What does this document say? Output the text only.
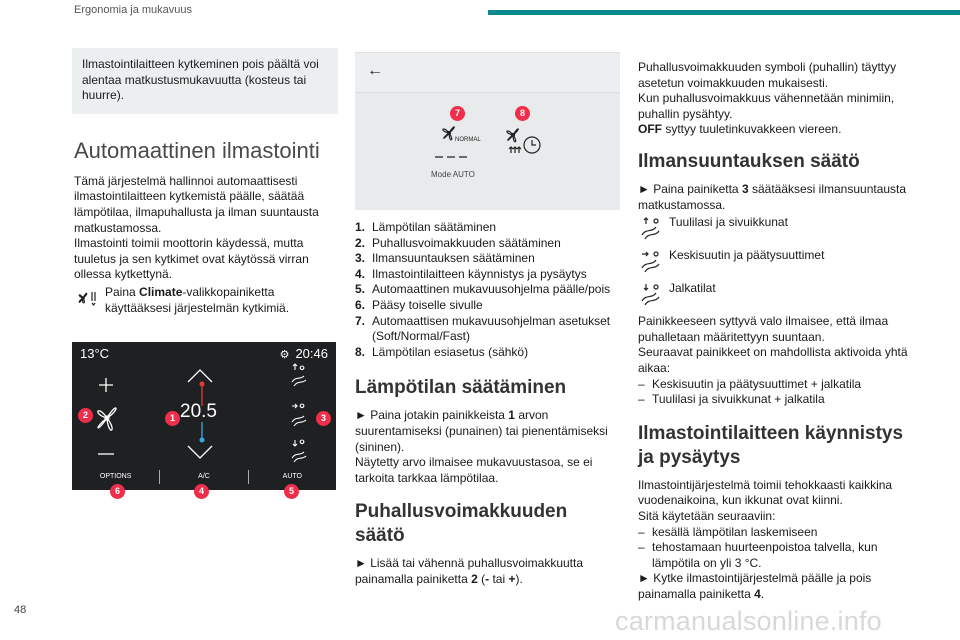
Ergonomia ja mukavuus
Ilmastointilaitteen kytkeminen pois päältä voi alentaa matkustusmukavuutta (kosteus tai huurre).
Automaattinen ilmastointi

Tämä järjestelmä hallinnoi automaattisesti ilmastointilaitteen kytkemistä päälle, säätää lämpötilaa, ilmapuhallusta ja ilman suuntausta matkustamossa.

Ilmastointi toimii moottorin käydessä, mutta tuuletus ja sen kytkimet ovat käytössä virran ollessa kytkettynä.

Paina Climate-valikkopainiketta käyttääksesi järjestelmän kytkimiä.

13°C	⚙ 20:46
20.5
OPTIONS	A/C	AUTO
1
2	3
4	5
6
←
7	8
NORMAL
Mode AUTO
1. Lämpötilan säätäminen
2. Puhallusvoimakkuuden säätäminen
3. Ilmansuuntauksen säätäminen
4. Ilmastointilaitteen käynnistys ja pysäytys
5. Automaattinen mukavuusohjelma päälle/pois
6. Pääsy toiselle sivulle
7. Automaattisen mukavuusohjelman asetukset (Soft/Normal/Fast)
8. Lämpötilan esiasetus (sähkö)
Lämpötilan säätäminen

► Paina jotakin painikkeista 1 arvon suurentamiseksi (punainen) tai pienentämiseksi (sininen).

Näytetty arvo ilmaisee mukavuustasoa, se ei tarkoita tarkkaa lämpötilaa.

Puhallusvoimakkuuden säätö

► Lisää tai vähennä puhallusvoimakkuutta painamalla painiketta 2 (- tai +).

Puhallusvoimakkuuden symboli (puhallin) täyttyy asetetun voimakkuuden mukaisesti.

Kun puhallusvoimakkuus vähennetään minimiin, puhallin pysähtyy.

OFF syttyy tuuletinkuvakkeen viereen.

Ilmansuuntauksen säätö

► Paina painiketta 3 säätääksesi ilmansuuntausta matkustamossa.

Tuulilasi ja sivuikkunat
Keskisuutin ja päätysuuttimet
Jalkatilat

Painikkeeseen syttyvä valo ilmaisee, että ilmaa puhalletaan määritettyyn suuntaan.

Seuraavat painikkeet on mahdollista aktivoida yhtä aikaa:

– Keskisuutin ja päätysuuttimet + jalkatila

– Tuulilasi ja sivuikkunat + jalkatila

Ilmastointilaitteen käynnistys ja pysäytys

Ilmastointijärjestelmä toimii tehokkaasti kaikkina vuodenaikoina, kun ikkunat ovat kiinni.

Sitä käytetään seuraaviin:

– kesällä lämpötilan laskemiseen

– tehostamaan huurteenpoistoa talvella, kun lämpötila on yli 3 °C.

► Kytke ilmastointijärjestelmä päälle ja pois painamalla painiketta 4.

48	carmanualsonline.info
